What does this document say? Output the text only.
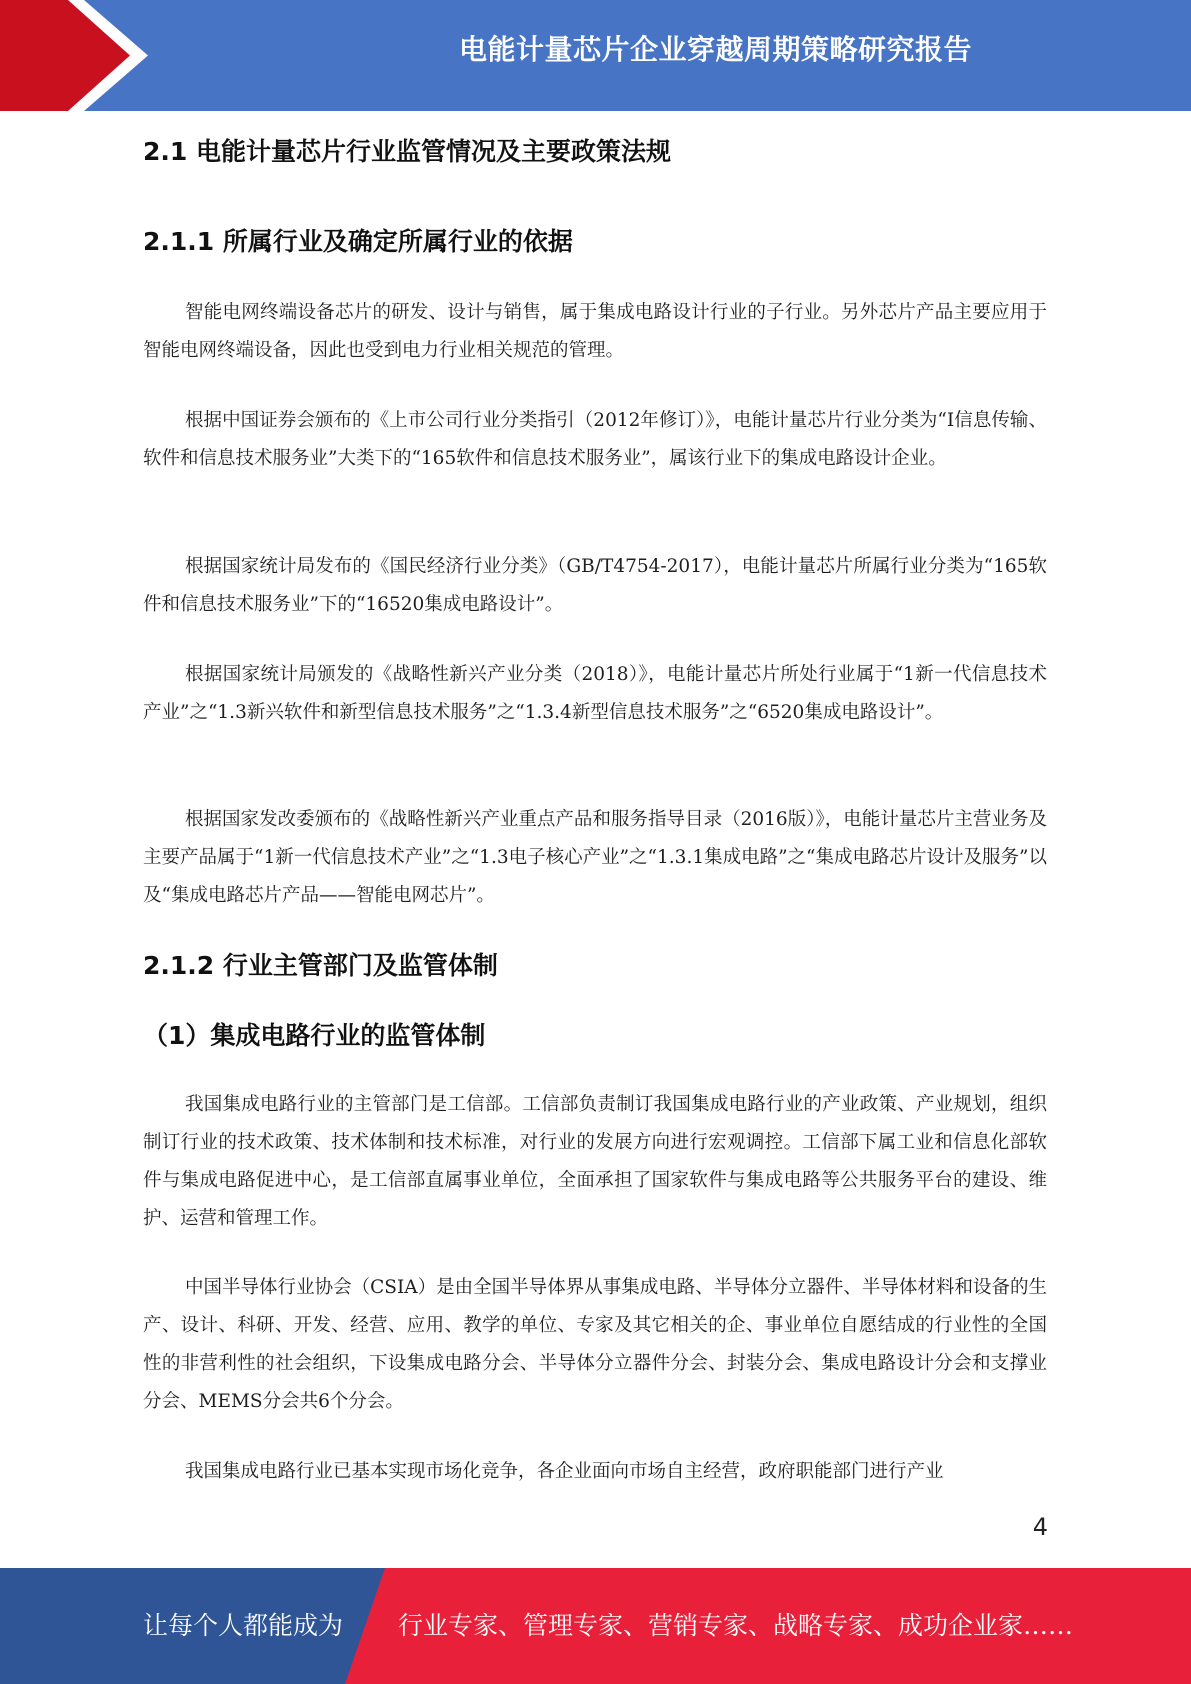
电能计量芯片企业穿越周期策略研究报告
2.1 电能计量芯片行业监管情况及主要政策法规
2.1.1 所属行业及确定所属行业的依据

智能电网终端设备芯片的研发、设计与销售，属于集成电路设计行业的子行业。另外芯片产品主要应用于智能电网终端设备，因此也受到电力行业相关规范的管理。

根据中国证券会颁布的《上市公司行业分类指引（2012年修订）》，电能计量芯片行业分类为“I信息传输、软件和信息技术服务业”大类下的“165软件和信息技术服务业”，属该行业下的集成电路设计企业。

根据国家统计局发布的《国民经济行业分类》（GB/T4754-2017），电能计量芯片所属行业分类为“165软件和信息技术服务业”下的“16520集成电路设计”。

根据国家统计局颁发的《战略性新兴产业分类（2018）》，电能计量芯片所处行业属于“1新一代信息技术产业”之“1.3新兴软件和新型信息技术服务”之“1.3.4新型信息技术服务”之“6520集成电路设计”。

根据国家发改委颁布的《战略性新兴产业重点产品和服务指导目录（2016版）》，电能计量芯片主营业务及主要产品属于“1新一代信息技术产业”之“1.3电子核心产业”之“1.3.1集成电路”之“集成电路芯片设计及服务”以及“集成电路芯片产品——智能电网芯片”。

2.1.2 行业主管部门及监管体制
（1）集成电路行业的监管体制

我国集成电路行业的主管部门是工信部。工信部负责制订我国集成电路行业的产业政策、产业规划，组织制订行业的技术政策、技术体制和技术标准，对行业的发展方向进行宏观调控。工信部下属工业和信息化部软件与集成电路促进中心，是工信部直属事业单位，全面承担了国家软件与集成电路等公共服务平台的建设、维护、运营和管理工作。

中国半导体行业协会（CSIA）是由全国半导体界从事集成电路、半导体分立器件、半导体材料和设备的生产、设计、科研、开发、经营、应用、教学的单位、专家及其它相关的企、事业单位自愿结成的行业性的全国性的非营利性的社会组织，下设集成电路分会、半导体分立器件分会、封装分会、集成电路设计分会和支撑业分会、MEMS分会共6个分会。

我国集成电路行业已基本实现市场化竞争，各企业面向市场自主经营，政府职能部门进行产业

4
让每个人都能成为 行业专家、管理专家、营销专家、战略专家、成功企业家……
